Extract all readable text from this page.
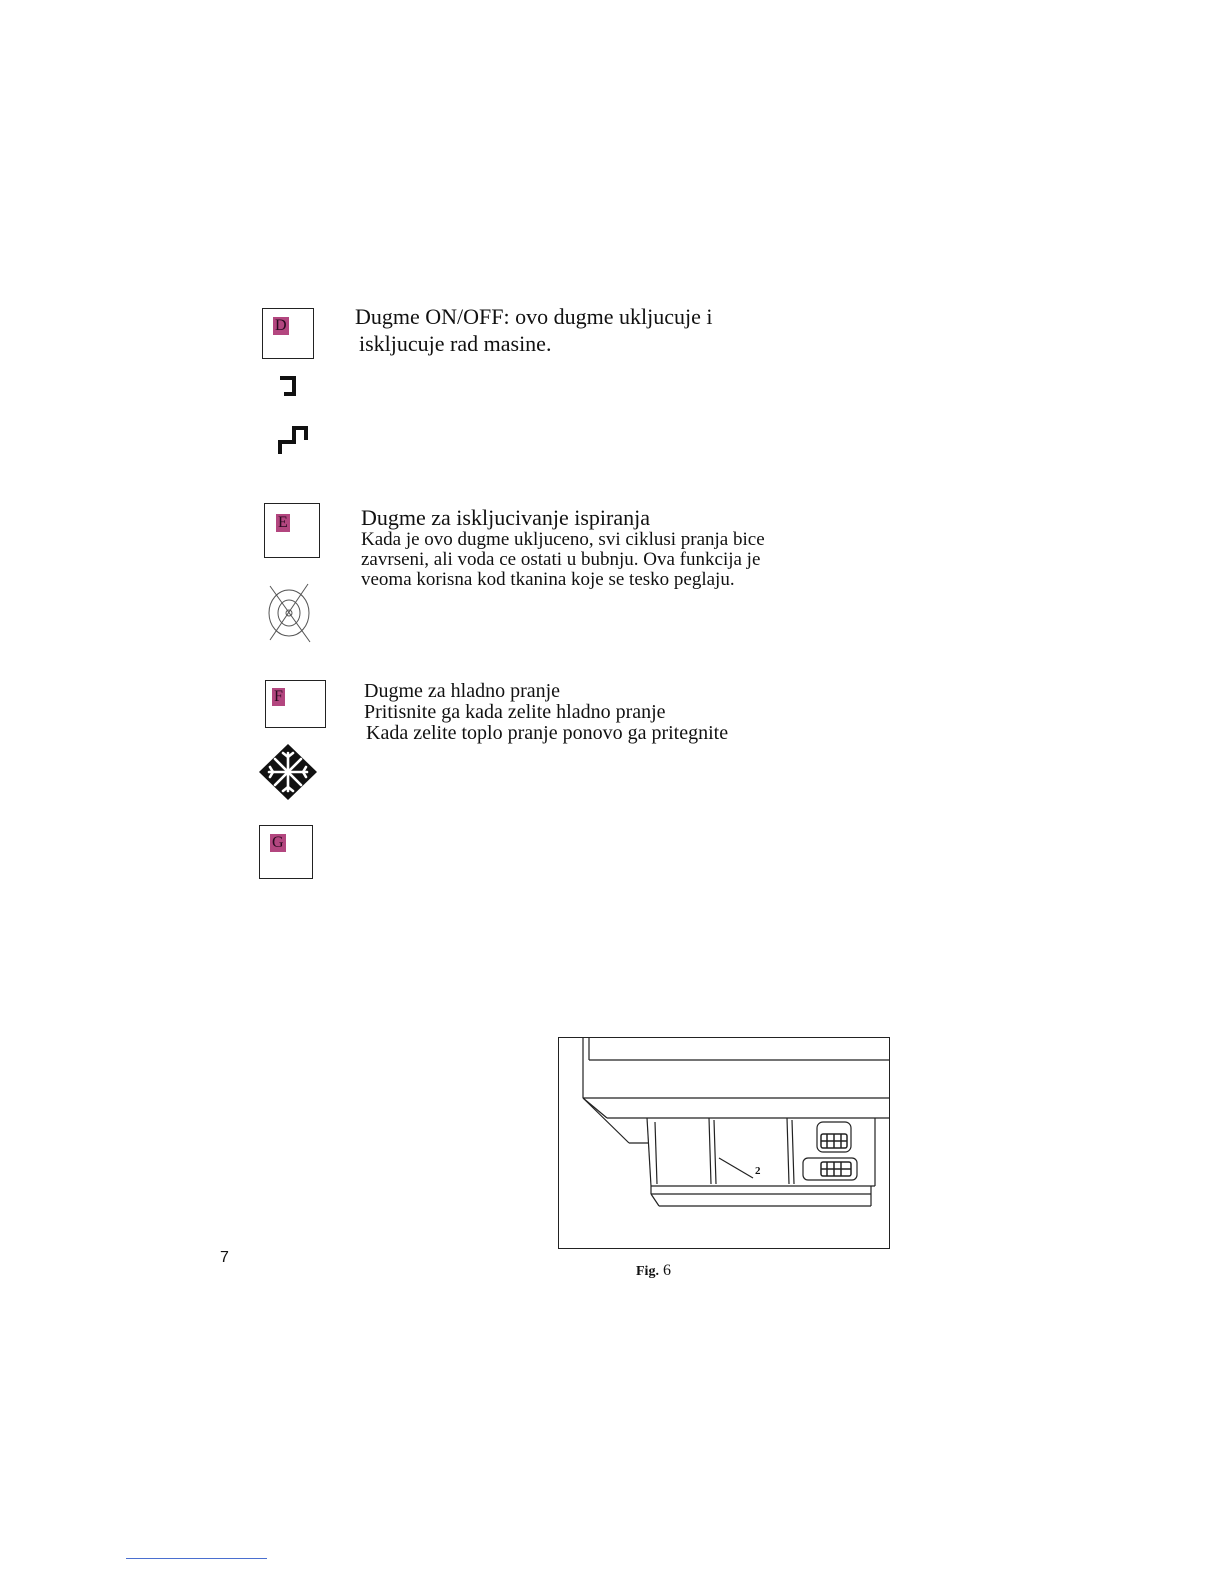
D	Dugme ON/OFF: ovo dugme ukljucuje i
iskljucuje rad masine.
E	Dugme za iskljucivanje ispiranja
Kada je ovo dugme ukljuceno, svi ciklusi pranja bice
zavrseni, ali voda ce ostati u bubnju. Ova funkcija je
veoma korisna kod tkanina koje se tesko peglaju.
F	Dugme za hladno pranje
Pritisnite ga kada zelite hladno pranje
Kada zelite toplo pranje ponovo ga pritegnite
G
2
Fig. 6
7
